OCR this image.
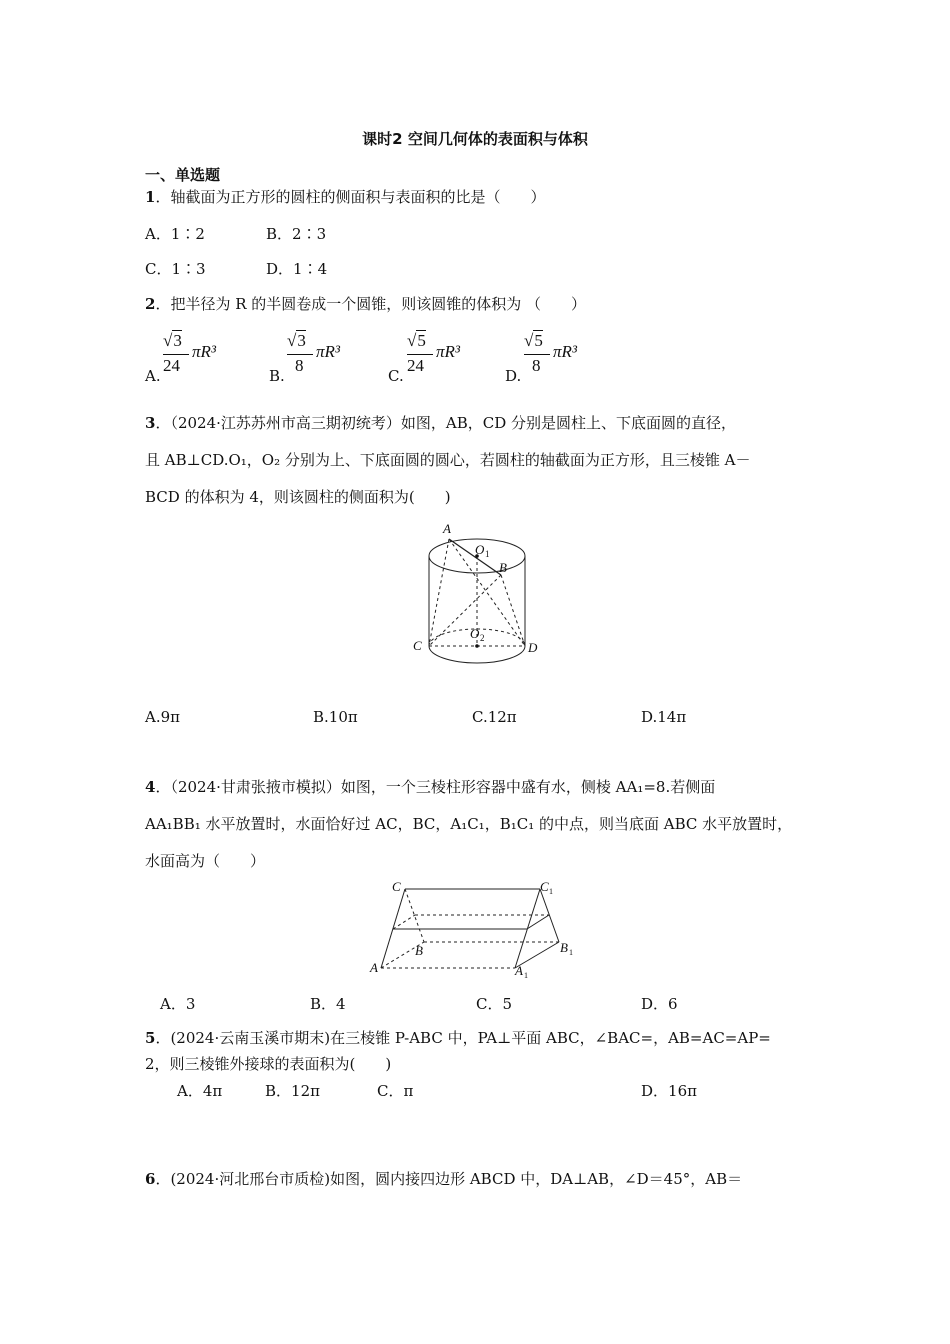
课时2 空间几何体的表面积与体积
一、单选题
1．轴截面为正方形的圆柱的侧面积与表面积的比是（　　）
A．1∶2	B．2∶3
C．1∶3	D．1∶4
2．把半径为 R 的半圆卷成一个圆锥，则该圆锥的体积为 （　　）
A.
√3
24
πR³
B.
√3
8
πR³
C.
√5
24
πR³
D.
√5
8
πR³
3．（2024·江苏苏州市高三期初统考）如图，AB，CD 分别是圆柱上、下底面圆的直径，
且 AB⊥CD.O₁，O₂ 分别为上、下底面圆的圆心，若圆柱的轴截面为正方形，且三棱锥 A－
BCD 的体积为 4，则该圆柱的侧面积为(　　)
A
O 1
B
C	D
O 2
A.9π	B.10π	C.12π	D.14π
4．（2024·甘肃张掖市模拟）如图，一个三棱柱形容器中盛有水，侧棱 AA₁=8.若侧面
AA₁BB₁ 水平放置时，水面恰好过 AC，BC，A₁C₁，B₁C₁ 的中点，则当底面 ABC 水平放置时，
水面高为（　　）
C	C 1
B	B 1
A	A 1
A．3	B．4	C．5	D．6
5．(2024·云南玉溪市期末)在三棱锥 P-ABC 中，PA⊥平面 ABC，∠BAC=，AB=AC=AP=
2，则三棱锥外接球的表面积为(　　)
A．4π	B．12π	C．π	D．16π
6．(2024·河北邢台市质检)如图，圆内接四边形 ABCD 中，DA⊥AB，∠D＝45°，AB＝
